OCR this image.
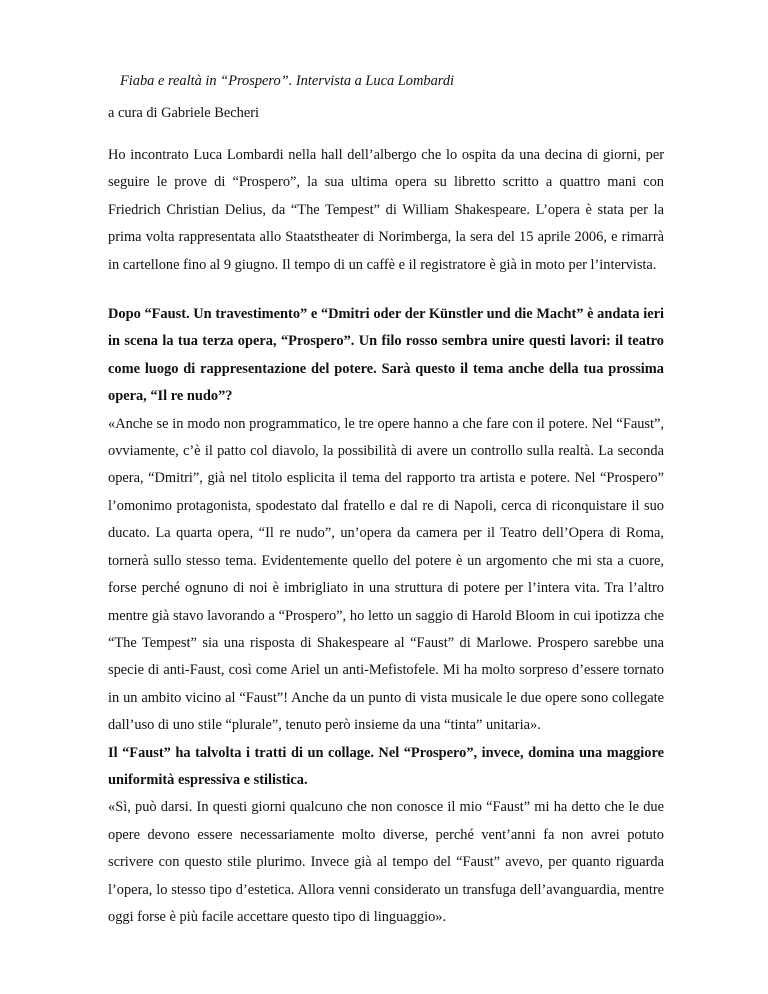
Fiaba e realtà in “Prospero”. Intervista a Luca Lombardi

a cura di Gabriele Becheri

Ho incontrato Luca Lombardi nella hall dell’albergo che lo ospita da una decina di giorni, per seguire le prove di “Prospero”, la sua ultima opera su libretto scritto a quattro mani con Friedrich Christian Delius, da “The Tempest” di William Shakespeare. L’opera è stata per la prima volta rappresentata allo Staatstheater di Norimberga, la sera del 15 aprile 2006, e rimarrà in cartellone fino al 9 giugno. Il tempo di un caffè e il registratore è già in moto per l’intervista.

Dopo “Faust. Un travestimento” e “Dmitri oder der Künstler und die Macht” è andata ieri in scena la tua terza opera, “Prospero”. Un filo rosso sembra unire questi lavori: il teatro come luogo di rappresentazione del potere. Sarà questo il tema anche della tua prossima opera, “Il re nudo”?

«Anche se in modo non programmatico, le tre opere hanno a che fare con il potere. Nel “Faust”, ovviamente, c’è il patto col diavolo, la possibilità di avere un controllo sulla realtà. La seconda opera, “Dmitri”, già nel titolo esplicita il tema del rapporto tra artista e potere. Nel “Prospero” l’omonimo protagonista, spodestato dal fratello e dal re di Napoli, cerca di riconquistare il suo ducato. La quarta opera, “Il re nudo”, un’opera da camera per il Teatro dell’Opera di Roma, tornerà sullo stesso tema. Evidentemente quello del potere è un argomento che mi sta a cuore, forse perché ognuno di noi è imbrigliato in una struttura di potere per l’intera vita. Tra l’altro mentre già stavo lavorando a “Prospero”, ho letto un saggio di Harold Bloom in cui ipotizza che “The Tempest” sia una risposta di Shakespeare al “Faust” di Marlowe. Prospero sarebbe una specie di anti-Faust, così come Ariel un anti-Mefistofele. Mi ha molto sorpreso d’essere tornato in un ambito vicino al “Faust”! Anche da un punto di vista musicale le due opere sono collegate dall’uso di uno stile “plurale”, tenuto però insieme da una “tinta” unitaria».

Il “Faust” ha talvolta i tratti di un collage. Nel “Prospero”, invece, domina una maggiore uniformità espressiva e stilistica.

«Sì, può darsi. In questi giorni qualcuno che non conosce il mio “Faust” mi ha detto che le due opere devono essere necessariamente molto diverse, perché vent’anni fa non avrei potuto scrivere con questo stile plurimo. Invece già al tempo del “Faust” avevo, per quanto riguarda l’opera, lo stesso tipo d’estetica. Allora venni considerato un transfuga dell’avanguardia, mentre oggi forse è più facile accettare questo tipo di linguaggio».
